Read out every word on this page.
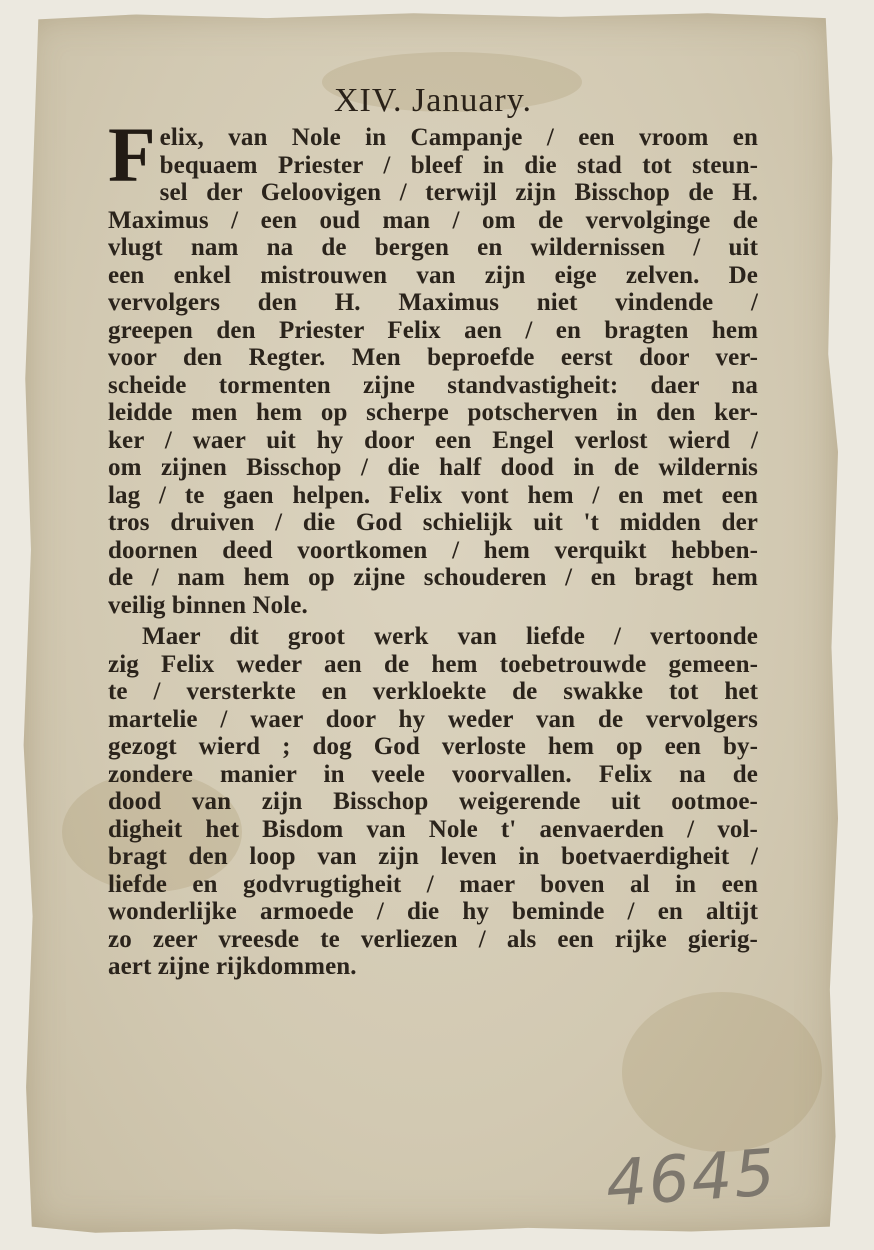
XIV. January.
F elix, van Nole in Campanje / een vroom en
bequaem Priester / bleef in die stad tot steun-
sel der Geloovigen / terwijl zijn Bisschop de H.
Maximus / een oud man / om de vervolginge de
vlugt nam na de bergen en wildernissen / uit
een enkel mistrouwen van zijn eige zelven. De
vervolgers den H. Maximus niet vindende /
greepen den Priester Felix aen / en bragten hem
voor den Regter. Men beproefde eerst door ver-
scheide tormenten zijne standvastigheit: daer na
leidde men hem op scherpe potscherven in den ker-
ker / waer uit hy door een Engel verlost wierd /
om zijnen Bisschop / die half dood in de wildernis
lag / te gaen helpen. Felix vont hem / en met een
tros druiven / die God schielijk uit 't midden der
doornen deed voortkomen / hem verquikt hebben-
de / nam hem op zijne schouderen / en bragt hem
veilig binnen Nole.
Maer dit groot werk van liefde / vertoonde
zig Felix weder aen de hem toebetrouwde gemeen-
te / versterkte en verkloekte de swakke tot het
martelie / waer door hy weder van de vervolgers
gezogt wierd ; dog God verloste hem op een by-
zondere manier in veele voorvallen. Felix na de
dood van zijn Bisschop weigerende uit ootmoe-
digheit het Bisdom van Nole t' aenvaerden / vol-
bragt den loop van zijn leven in boetvaerdigheit /
liefde en godvrugtigheit / maer boven al in een
wonderlijke armoede / die hy beminde / en altijt
zo zeer vreesde te verliezen / als een rijke gierig-
aert zijne rijkdommen.
4645
